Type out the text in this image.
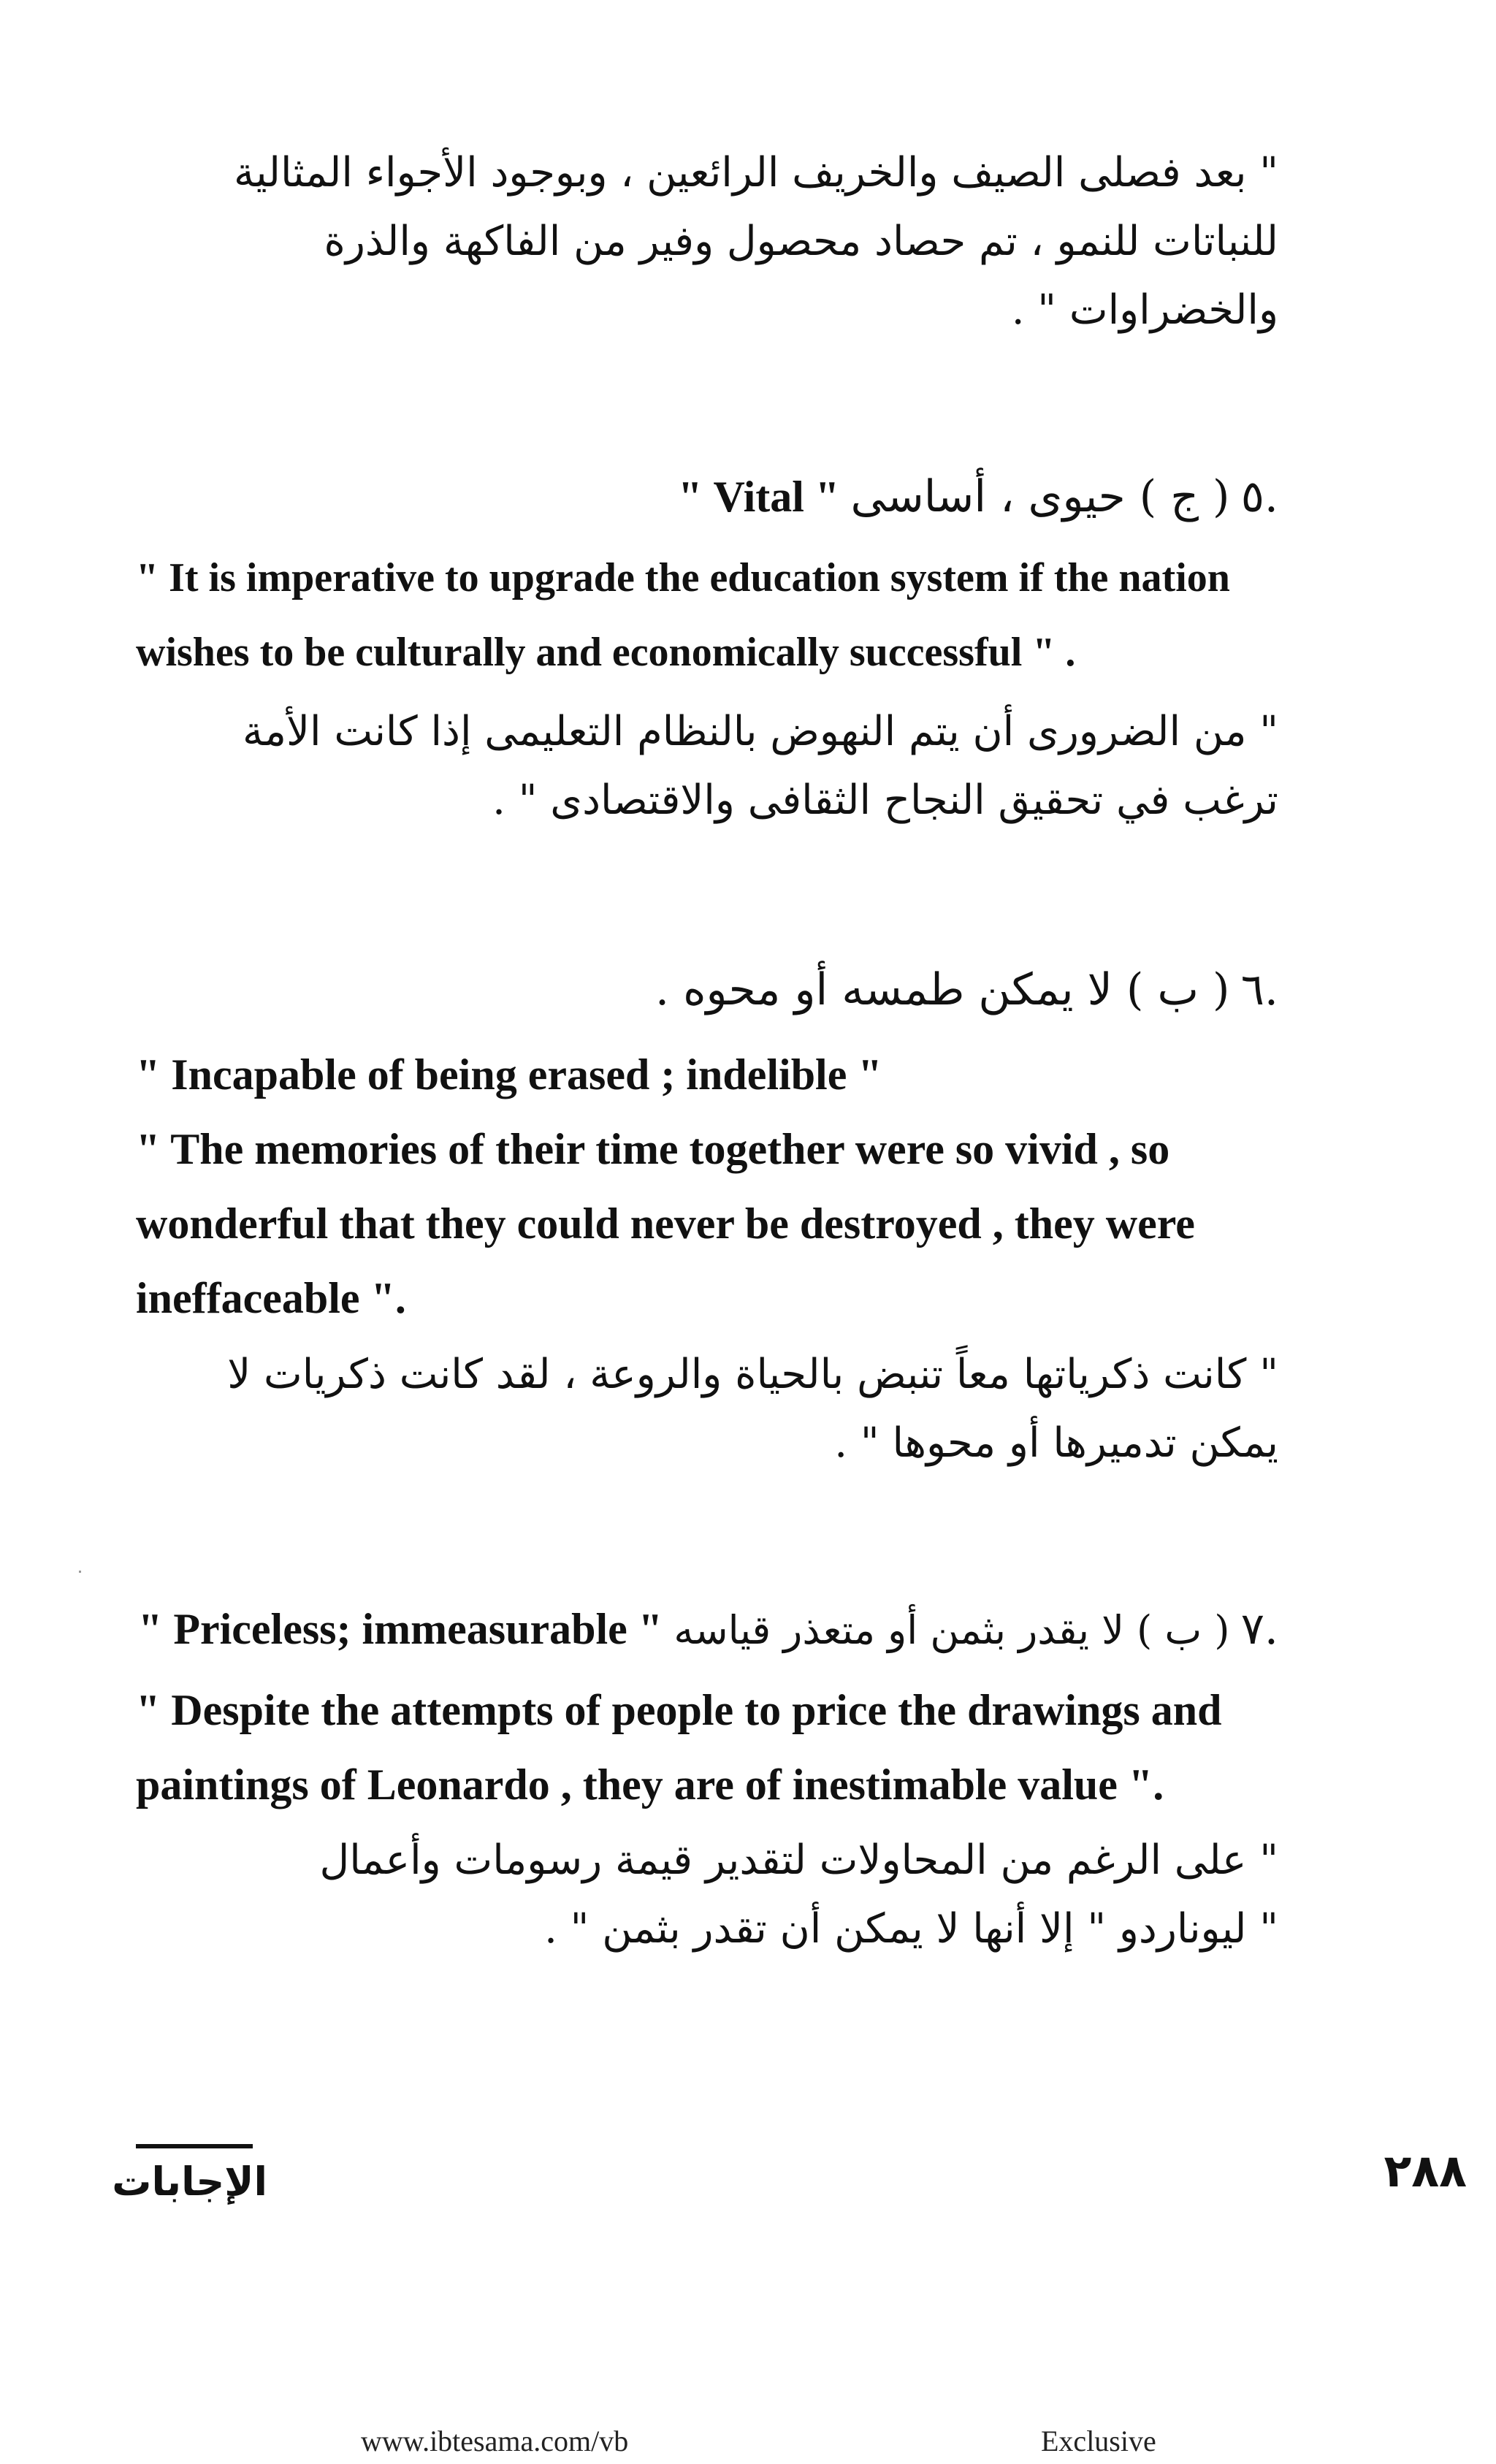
" بعد فصلى الصيف والخريف الرائعين ، وبوجود الأجواء المثالية

للنباتات للنمو ، تم حصاد محصول وفير من الفاكهة والذرة

والخضراوات " .

.٥   ( ج ) حيوى ، أساسى   " Vital "

" It is imperative to upgrade the education system if the nation

wishes to be culturally and economically successful " .

" من الضرورى أن يتم النهوض بالنظام التعليمى إذا كانت الأمة

ترغب في تحقيق النجاح الثقافى والاقتصادى " .

.٦   ( ب ) لا يمكن طمسه أو محوه .

" Incapable of being erased ; indelible "

" The memories of their time together were so vivid , so

wonderful that they could never be destroyed , they were

ineffaceable ".

" كانت ذكرياتها معاً تنبض بالحياة والروعة ، لقد كانت ذكريات لا

يمكن تدميرها أو محوها " .

.٧   ( ب ) لا يقدر بثمن أو متعذر قياسه   " Priceless; immeasurable "

" Despite the attempts of people to price the drawings and

paintings of Leonardo , they are of inestimable value ".

" على الرغم من المحاولات لتقدير قيمة رسومات وأعمال

" ليوناردو " إلا أنها لا يمكن أن تقدر بثمن " .

الإجابات	٢٨٨
www.ibtesama.com/vb	Exclusive
